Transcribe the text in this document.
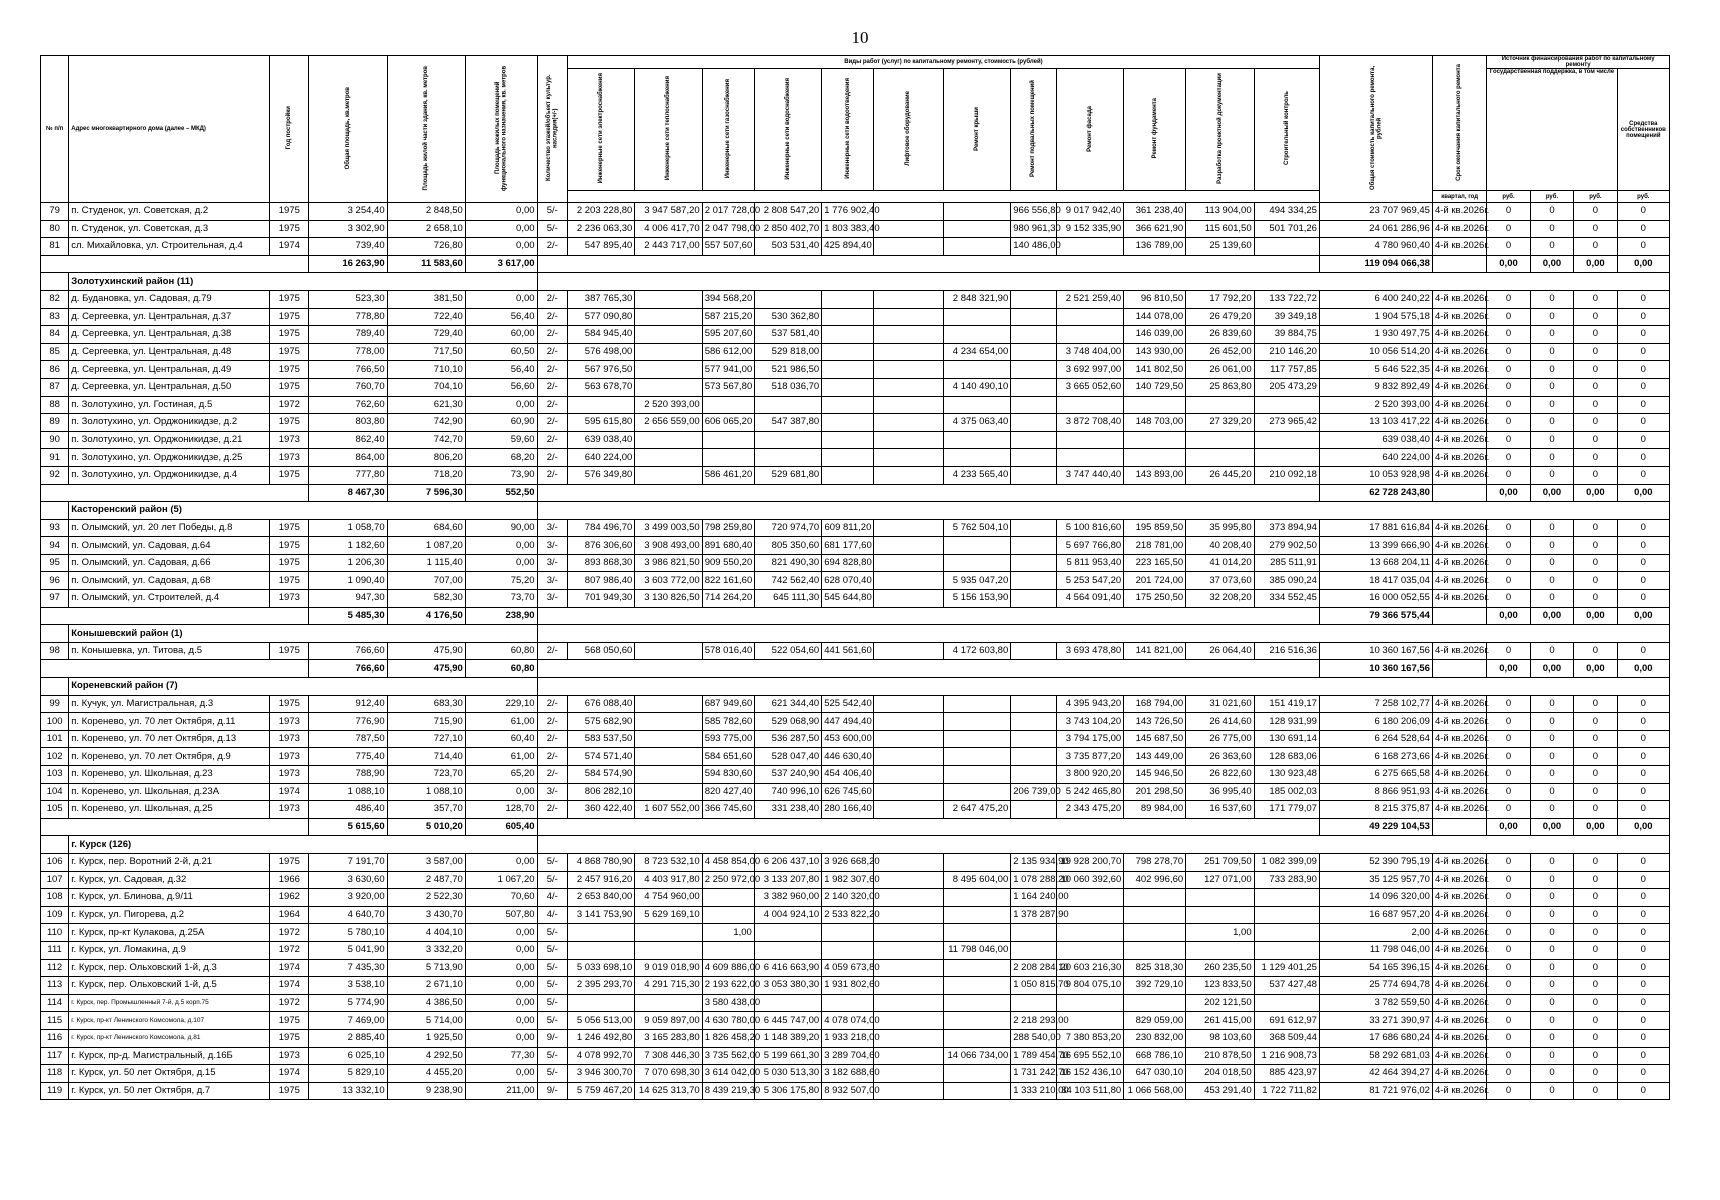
10
№ п/п	Адрес многоквартирного дома (далее – МКД)	Год постройки	Общая площадь, кв.метров	Площадь жилой части здания, кв. метров	Площадь нежилых помещений функционального назначения, кв. метров	Количество этажей/объект культур. наследия(+/-)	Виды работ (услуг) по капитальному ремонту, стоимость (рублей)												Общая стоимость капитального ремонта, рублей	Срок окончания капитального ремонта	Источник финансирования работ по капитальному ремонту			
							Инженерные сети электроснабжения	Инженерные сети теплоснабжения	Инженерные сети газоснабжения	Инженерные сети водоснабжения	Инженерные сети водоотведения	Лифтовое оборудование	Ремонт крыши	Ремонт подвальных помещений	Ремонт фасада	Ремонт фундамента	Разработка проектной документации	Строительный контроль			Государственная поддержка, в том числе			Средства собственников помещений
																				квартал, год	руб.	руб.	руб.	руб.
79	п. Студенок, ул. Советская, д.2	1975	3 254,40	2 848,50	0,00	5/-	2 203 228,80	3 947 587,20	2 017 728,00	2 808 547,20	1 776 902,40			966 556,80	9 017 942,40	361 238,40	113 904,00	494 334,25	23 707 969,45	4-й кв.2026г.	0	0	0	0
80	п. Студенок, ул. Советская, д.3	1975	3 302,90	2 658,10	0,00	5/-	2 236 063,30	4 006 417,70	2 047 798,00	2 850 402,70	1 803 383,40			980 961,30	9 152 335,90	366 621,90	115 601,50	501 701,26	24 061 286,96	4-й кв.2026г.	0	0	0	0
81	сл. Михайловка, ул. Строительная, д.4	1974	739,40	726,80	0,00	2/-	547 895,40	2 443 717,00	557 507,60	503 531,40	425 894,40			140 486,00		136 789,00	25 139,60		4 780 960,40	4-й кв.2026г.	0	0	0	0
			16 263,90	11 583,60	3 617,00														119 094 066,38		0,00	0,00	0,00	0,00
	Золотухинский район (11)																							
82	д. Будановка, ул. Садовая, д.79	1975	523,30	381,50	0,00	2/-	387 765,30		394 568,20				2 848 321,90		2 521 259,40	96 810,50	17 792,20	133 722,72	6 400 240,22	4-й кв.2026г.	0	0	0	0
83	д. Сергеевка, ул. Центральная, д.37	1975	778,80	722,40	56,40	2/-	577 090,80		587 215,20	530 362,80						144 078,00	26 479,20	39 349,18	1 904 575,18	4-й кв.2026г.	0	0	0	0
84	д. Сергеевка, ул. Центральная, д.38	1975	789,40	729,40	60,00	2/-	584 945,40		595 207,60	537 581,40						146 039,00	26 839,60	39 884,75	1 930 497,75	4-й кв.2026г.	0	0	0	0
85	д. Сергеевка, ул. Центральная, д.48	1975	778,00	717,50	60,50	2/-	576 498,00		586 612,00	529 818,00			4 234 654,00		3 748 404,00	143 930,00	26 452,00	210 146,20	10 056 514,20	4-й кв.2026г.	0	0	0	0
86	д. Сергеевка, ул. Центральная, д.49	1975	766,50	710,10	56,40	2/-	567 976,50		577 941,00	521 986,50					3 692 997,00	141 802,50	26 061,00	117 757,85	5 646 522,35	4-й кв.2026г.	0	0	0	0
87	д. Сергеевка, ул. Центральная, д.50	1975	760,70	704,10	56,60	2/-	563 678,70		573 567,80	518 036,70			4 140 490,10		3 665 052,60	140 729,50	25 863,80	205 473,29	9 832 892,49	4-й кв.2026г.	0	0	0	0
88	п. Золотухино, ул. Гостиная, д.5	1972	762,60	621,30	0,00	2/-		2 520 393,00											2 520 393,00	4-й кв.2026г.	0	0	0	0
89	п. Золотухино, ул. Орджоникидзе, д.2	1975	803,80	742,90	60,90	2/-	595 615,80	2 656 559,00	606 065,20	547 387,80			4 375 063,40		3 872 708,40	148 703,00	27 329,20	273 965,42	13 103 417,22	4-й кв.2026г.	0	0	0	0
90	п. Золотухино, ул. Орджоникидзе, д.21	1973	862,40	742,70	59,60	2/-	639 038,40												639 038,40	4-й кв.2026г.	0	0	0	0
91	п. Золотухино, ул. Орджоникидзе, д.25	1973	864,00	806,20	68,20	2/-	640 224,00												640 224,00	4-й кв.2026г.	0	0	0	0
92	п. Золотухино, ул. Орджоникидзе, д.4	1975	777,80	718,20	73,90	2/-	576 349,80		586 461,20	529 681,80			4 233 565,40		3 747 440,40	143 893,00	26 445,20	210 092,18	10 053 928,98	4-й кв.2026г.	0	0	0	0
			8 467,30	7 596,30	552,50														62 728 243,80		0,00	0,00	0,00	0,00
	Касторенский район (5)																							
93	п. Олымский, ул. 20 лет Победы, д.8	1975	1 058,70	684,60	90,00	3/-	784 496,70	3 499 003,50	798 259,80	720 974,70	609 811,20		5 762 504,10		5 100 816,60	195 859,50	35 995,80	373 894,94	17 881 616,84	4-й кв.2026г.	0	0	0	0
94	п. Олымский, ул. Садовая, д.64	1975	1 182,60	1 087,20	0,00	3/-	876 306,60	3 908 493,00	891 680,40	805 350,60	681 177,60				5 697 766,80	218 781,00	40 208,40	279 902,50	13 399 666,90	4-й кв.2026г.	0	0	0	0
95	п. Олымский, ул. Садовая, д.66	1975	1 206,30	1 115,40	0,00	3/-	893 868,30	3 986 821,50	909 550,20	821 490,30	694 828,80				5 811 953,40	223 165,50	41 014,20	285 511,91	13 668 204,11	4-й кв.2026г.	0	0	0	0
96	п. Олымский, ул. Садовая, д.68	1975	1 090,40	707,00	75,20	3/-	807 986,40	3 603 772,00	822 161,60	742 562,40	628 070,40		5 935 047,20		5 253 547,20	201 724,00	37 073,60	385 090,24	18 417 035,04	4-й кв.2026г.	0	0	0	0
97	п. Олымский, ул. Строителей, д.4	1973	947,30	582,30	73,70	3/-	701 949,30	3 130 826,50	714 264,20	645 111,30	545 644,80		5 156 153,90		4 564 091,40	175 250,50	32 208,20	334 552,45	16 000 052,55	4-й кв.2026г.	0	0	0	0
			5 485,30	4 176,50	238,90														79 366 575,44		0,00	0,00	0,00	0,00
	Конышевский район (1)																							
98	п. Конышевка, ул. Титова, д.5	1975	766,60	475,90	60,80	2/-	568 050,60		578 016,40	522 054,60	441 561,60		4 172 603,80		3 693 478,80	141 821,00	26 064,40	216 516,36	10 360 167,56	4-й кв.2026г.	0	0	0	0
			766,60	475,90	60,80														10 360 167,56		0,00	0,00	0,00	0,00
	Кореневский район (7)																							
99	п. Кучук, ул. Магистральная, д.3	1975	912,40	683,30	229,10	2/-	676 088,40		687 949,60	621 344,40	525 542,40				4 395 943,20	168 794,00	31 021,60	151 419,17	7 258 102,77	4-й кв.2026г.	0	0	0	0
100	п. Коренево, ул. 70 лет Октября, д.11	1973	776,90	715,90	61,00	2/-	575 682,90		585 782,60	529 068,90	447 494,40				3 743 104,20	143 726,50	26 414,60	128 931,99	6 180 206,09	4-й кв.2026г.	0	0	0	0
101	п. Коренево, ул. 70 лет Октября, д.13	1973	787,50	727,10	60,40	2/-	583 537,50		593 775,00	536 287,50	453 600,00				3 794 175,00	145 687,50	26 775,00	130 691,14	6 264 528,64	4-й кв.2026г.	0	0	0	0
102	п. Коренево, ул. 70 лет Октября, д.9	1973	775,40	714,40	61,00	2/-	574 571,40		584 651,60	528 047,40	446 630,40				3 735 877,20	143 449,00	26 363,60	128 683,06	6 168 273,66	4-й кв.2026г.	0	0	0	0
103	п. Коренево, ул. Школьная, д.23	1973	788,90	723,70	65,20	2/-	584 574,90		594 830,60	537 240,90	454 406,40				3 800 920,20	145 946,50	26 822,60	130 923,48	6 275 665,58	4-й кв.2026г.	0	0	0	0
104	п. Коренево, ул. Школьная, д.23А	1974	1 088,10	1 088,10	0,00	3/-	806 282,10		820 427,40	740 996,10	626 745,60			206 739,00	5 242 465,80	201 298,50	36 995,40	185 002,03	8 866 951,93	4-й кв.2026г.	0	0	0	0
105	п. Коренево, ул. Школьная, д.25	1973	486,40	357,70	128,70	2/-	360 422,40	1 607 552,00	366 745,60	331 238,40	280 166,40		2 647 475,20		2 343 475,20	89 984,00	16 537,60	171 779,07	8 215 375,87	4-й кв.2026г.	0	0	0	0
			5 615,60	5 010,20	605,40														49 229 104,53		0,00	0,00	0,00	0,00
	г. Курск (126)																							
106	г. Курск, пер. Воротний 2-й, д.21	1975	7 191,70	3 587,00	0,00	5/-	4 868 780,90	8 723 532,10	4 458 854,00	6 206 437,10	3 926 668,20			2 135 934,90	19 928 200,70	798 278,70	251 709,50	1 082 399,09	52 390 795,19	4-й кв.2026г.	0	0	0	0
107	г. Курск, ул. Садовая, д.32	1966	3 630,60	2 487,70	1 067,20	5/-	2 457 916,20	4 403 917,80	2 250 972,00	3 133 207,80	1 982 307,60		8 495 604,00	1 078 288,20	10 060 392,60	402 996,60	127 071,00	733 283,90	35 125 957,70	4-й кв.2026г.	0	0	0	0
108	г. Курск, ул. Блинова, д.9/11	1962	3 920,00	2 522,30	70,60	4/-	2 653 840,00	4 754 960,00		3 382 960,00	2 140 320,00			1 164 240,00					14 096 320,00	4-й кв.2026г.	0	0	0	0
109	г. Курск, ул. Пигорева, д.2	1964	4 640,70	3 430,70	507,80	4/-	3 141 753,90	5 629 169,10		4 004 924,10	2 533 822,20			1 378 287,90					16 687 957,20	4-й кв.2026г.	0	0	0	0
110	г. Курск, пр-кт Кулакова, д.25А	1972	5 780,10	4 404,10	0,00	5/-			1,00								1,00		2,00	4-й кв.2026г.	0	0	0	0
111	г. Курск, ул. Ломакина, д.9	1972	5 041,90	3 332,20	0,00	5/-							11 798 046,00						11 798 046,00	4-й кв.2026г.	0	0	0	0
112	г. Курск, пер. Ольховский 1-й, д.3	1974	7 435,30	5 713,90	0,00	5/-	5 033 698,10	9 019 018,90	4 609 886,00	6 416 663,90	4 059 673,80			2 208 284,10	20 603 216,30	825 318,30	260 235,50	1 129 401,25	54 165 396,15	4-й кв.2026г.	0	0	0	0
113	г. Курск, пер. Ольховский 1-й, д.5	1974	3 538,10	2 671,10	0,00	5/-	2 395 293,70	4 291 715,30	2 193 622,00	3 053 380,30	1 931 802,60			1 050 815,70	9 804 075,10	392 729,10	123 833,50	537 427,48	25 774 694,78	4-й кв.2026г.	0	0	0	0
114	г. Курск, пер. Промышленный 7-й, д.5 корп.75	1972	5 774,90	4 386,50	0,00	5/-			3 580 438,00								202 121,50		3 782 559,50	4-й кв.2026г.	0	0	0	0
115	г. Курск, пр-кт Ленинского Комсомола, д.107	1975	7 469,00	5 714,00	0,00	5/-	5 056 513,00	9 059 897,00	4 630 780,00	6 445 747,00	4 078 074,00			2 218 293,00		829 059,00	261 415,00	691 612,97	33 271 390,97	4-й кв.2026г.	0	0	0	0
116	г. Курск, пр-кт Ленинского Комсомола, д.81	1975	2 885,40	1 925,50	0,00	9/-	1 246 492,80	3 165 283,80	1 826 458,20	1 148 389,20	1 933 218,00			288 540,00	7 380 853,20	230 832,00	98 103,60	368 509,44	17 686 680,24	4-й кв.2026г.	0	0	0	0
117	г. Курск, пр-д. Магистральный, д.16Б	1973	6 025,10	4 292,50	77,30	5/-	4 078 992,70	7 308 446,30	3 735 562,00	5 199 661,30	3 289 704,60		14 066 734,00	1 789 454,70	16 695 552,10	668 786,10	210 878,50	1 216 908,73	58 292 681,03	4-й кв.2026г.	0	0	0	0
118	г. Курск, ул. 50 лет Октября, д.15	1974	5 829,10	4 455,20	0,00	5/-	3 946 300,70	7 070 698,30	3 614 042,00	5 030 513,30	3 182 688,60			1 731 242,70	16 152 436,10	647 030,10	204 018,50	885 423,97	42 464 394,27	4-й кв.2026г.	0	0	0	0
119	г. Курск, ул. 50 лет Октября, д.7	1975	13 332,10	9 238,90	211,00	9/-	5 759 467,20	14 625 313,70	8 439 219,30	5 306 175,80	8 932 507,00			1 333 210,00	34 103 511,80	1 066 568,00	453 291,40	1 722 711,82	81 721 976,02	4-й кв.2026г.	0	0	0	0
